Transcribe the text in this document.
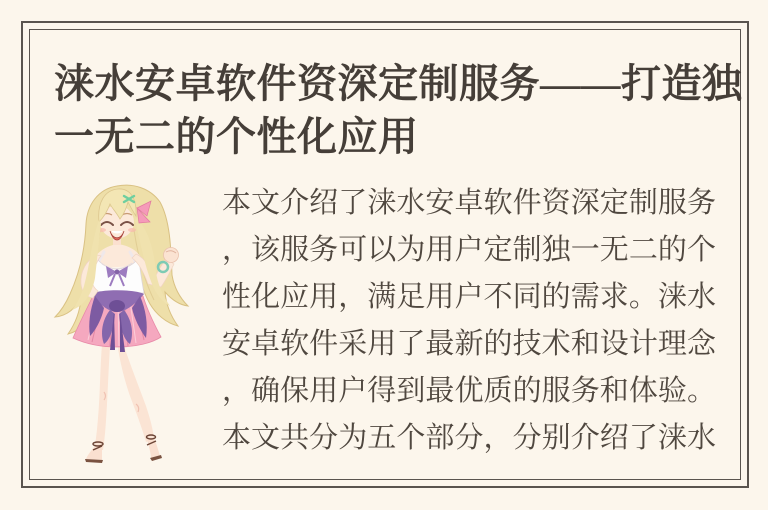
涞水安卓软件资深定制服务——打造独
一无二的个性化应用
本文介绍了涞水安卓软件资深定制服务
，该服务可以为用户定制独一无二的个
性化应用，满足用户不同的需求。涞水
安卓软件采用了最新的技术和设计理念
，确保用户得到最优质的服务和体验。
本文共分为五个部分，分别介绍了涞水
